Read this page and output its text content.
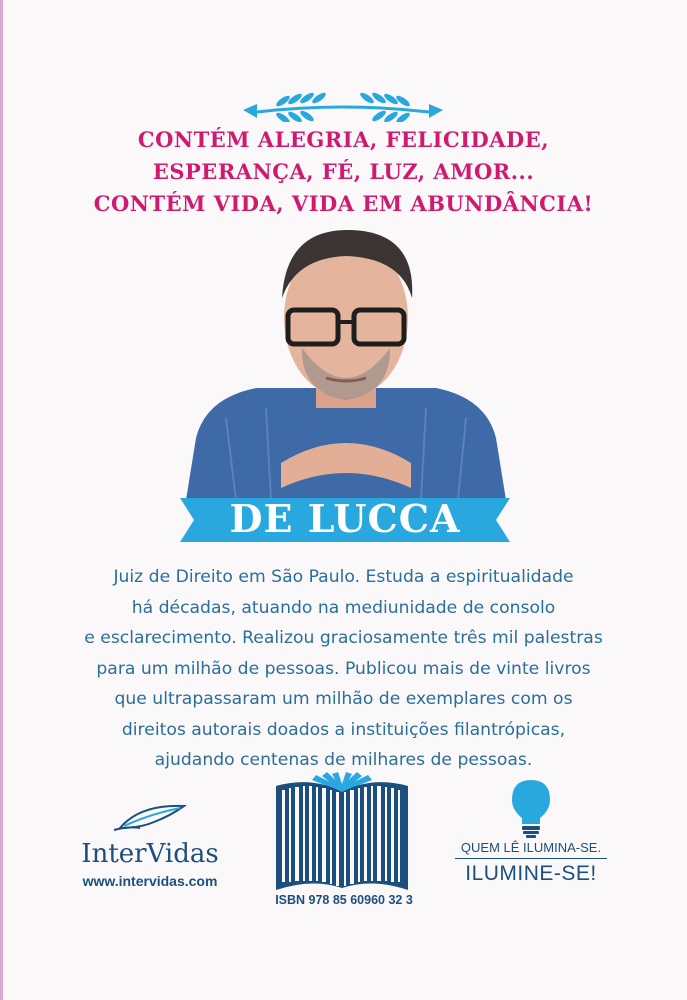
CONTÉM ALEGRIA, FELICIDADE,
ESPERANÇA, FÉ, LUZ, AMOR...
CONTÉM VIDA, VIDA EM ABUNDÂNCIA!
DE LUCCA
Juiz de Direito em São Paulo. Estuda a espiritualidade
há décadas, atuando na mediunidade de consolo
e esclarecimento. Realizou graciosamente três mil palestras
para um milhão de pessoas. Publicou mais de vinte livros
que ultrapassaram um milhão de exemplares com os
direitos autorais doados a instituições filantrópicas,
ajudando centenas de milhares de pessoas.
InterVidas
www.intervidas.com
ISBN 978 85 60960 32 3
QUEM LÊ ILUMINA-SE.
ILUMINE-SE!
